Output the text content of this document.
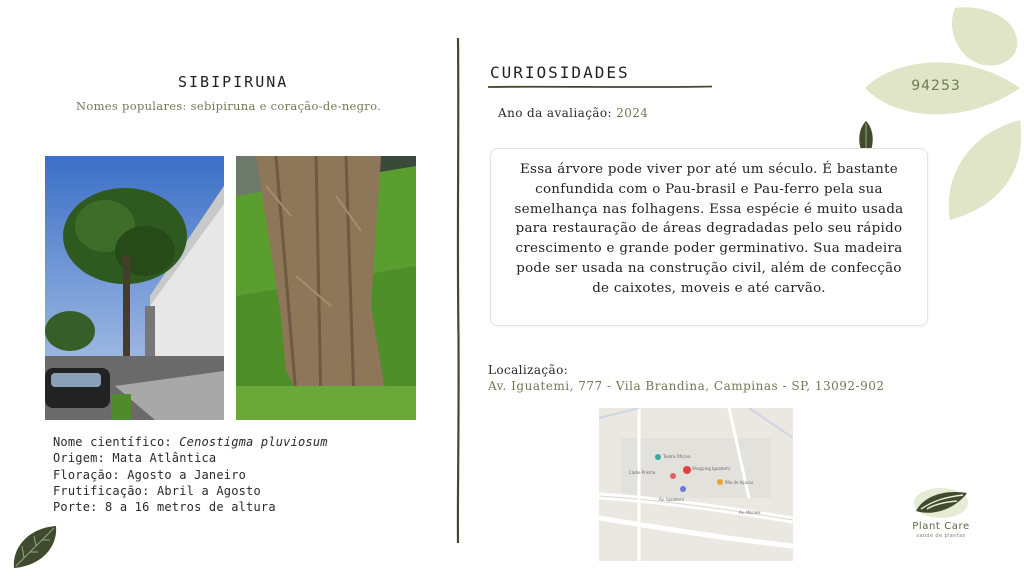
94253
SIBIPIRUNA
Nomes populares: sebipiruna e coração-de-negro.
Nome científico: Cenostigma pluviosum
Origem: Mata Atlântica
Floração: Agosto a Janeiro
Frutificação: Abril a Agosto
Porte: 8 a 16 metros de altura
CURIOSIDADES
Ano da avaliação: 2024
Essa árvore pode viver por até um século. É bastante confundida com o Pau-brasil e Pau-ferro pela sua semelhança nas folhagens. Essa espécie é muito usada para restauração de áreas degradadas pelo seu rápido crescimento e grande poder germinativo. Sua madeira pode ser usada na construção civil, além de confecção de caixotes, moveis e até carvão.
Localização:
Av. Iguatemi, 777 - Vila Brandina, Campinas - SP, 13092-902
Teatro Oficina
Shopping Iguatemi
Clube Prisma
Pão de Açúcar
Av. Iguatemi
Av. Moraes
Plant Care
saúde de plantas
